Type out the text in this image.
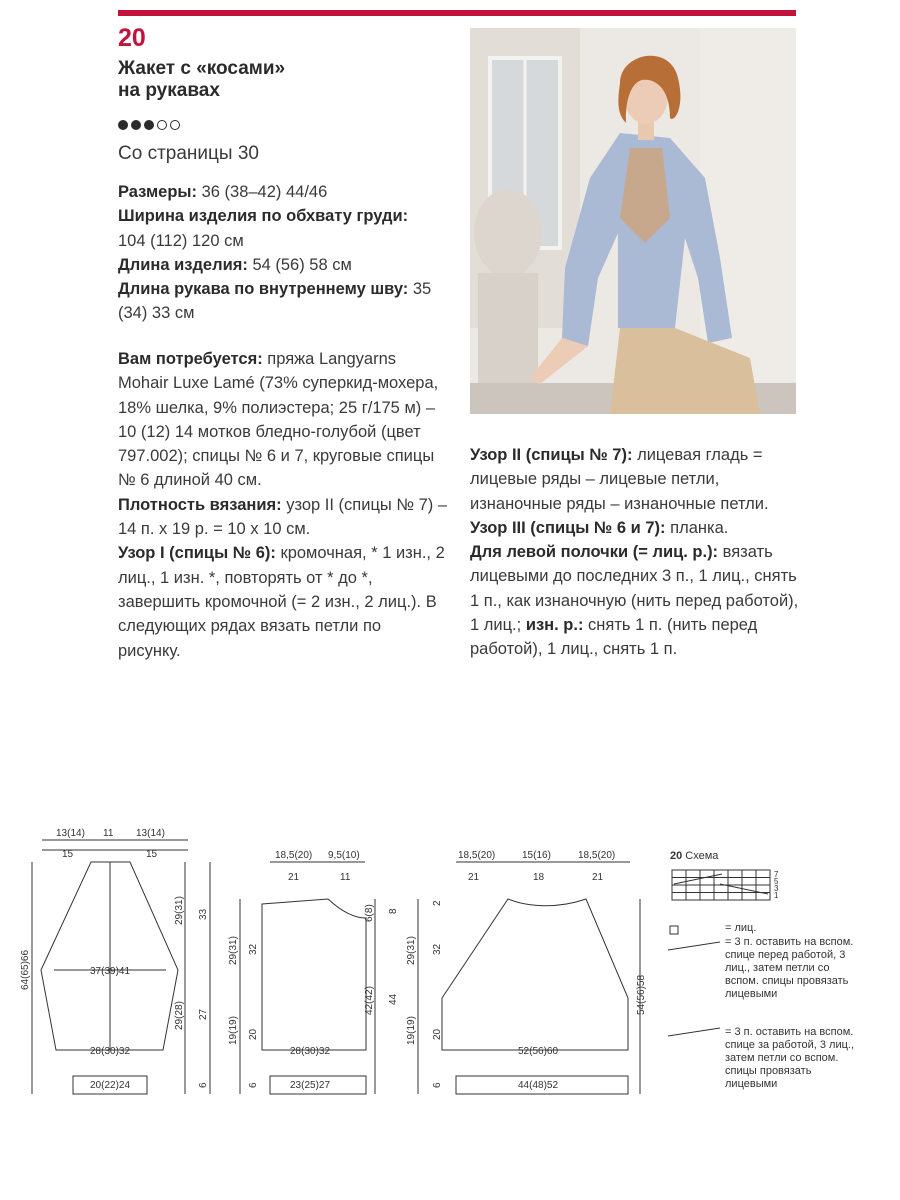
20
Жакет с «косами»
на рукавах
Со страницы 30

Размеры: 36 (38–42) 44/46

Ширина изделия по обхвату груди: 104 (112) 120 см

Длина изделия: 54 (56) 58 см

Длина рукава по внутреннему шву: 35 (34) 33 см

Вам потребуется: пряжа Langyarns Mohair Luxe Lamé (73% суперкид-мохера, 18% шелка, 9% полиэстера; 25 г/175 м) – 10 (12) 14 мотков бледно-голубой (цвет 797.002); спицы № 6 и 7, круговые спицы № 6 длиной 40 см.

Плотность вязания: узор II (спицы № 7) – 14 п. х 19 р. = 10 х 10 см.

Узор I (спицы № 6): кромочная, * 1 изн., 2 лиц., 1 изн. *, повторять от * до *, завершить кромочной (= 2 изн., 2 лиц.). В следующих рядах вязать петли по рисунку.

Узор II (спицы № 7): лицевая гладь = лицевые ряды – лицевые петли, изнаночные ряды – изнаночные петли.

Узор III (спицы № 6 и 7): планка.

Для левой полочки (= лиц. р.): вязать лицевыми до последних 3 п., 1 лиц., снять 1 п., как изнаночную (нить перед работой), 1 лиц.; изн. р.: снять 1 п. (нить перед работой), 1 лиц., снять 1 п.

13(14) 11 13(14)
15	15
64(65)66
29(31) 33
29(28) 27
6
37(39)41
28(30)32
20(22)24
18,5(20) 9,5(10)
21	11
29(31) 32
19(19) 20
6
6(8) 8
42(42) 44
28(30)32
23(25)27
18,5(20)	15(16)	18,5(20)
21	18	21
2
29(31) 32
19(19) 20
6
54(56)58
52(56)60
44(48)52
20 Схема
7
5
3
1
= лиц.
= 3 п. оставить на вспом. спице перед работой, 3 лиц., затем петли со вспом. спицы провязать лицевыми
= 3 п. оставить на вспом. спице за работой, 3 лиц., затем петли со вспом. спицы провязать лицевыми
